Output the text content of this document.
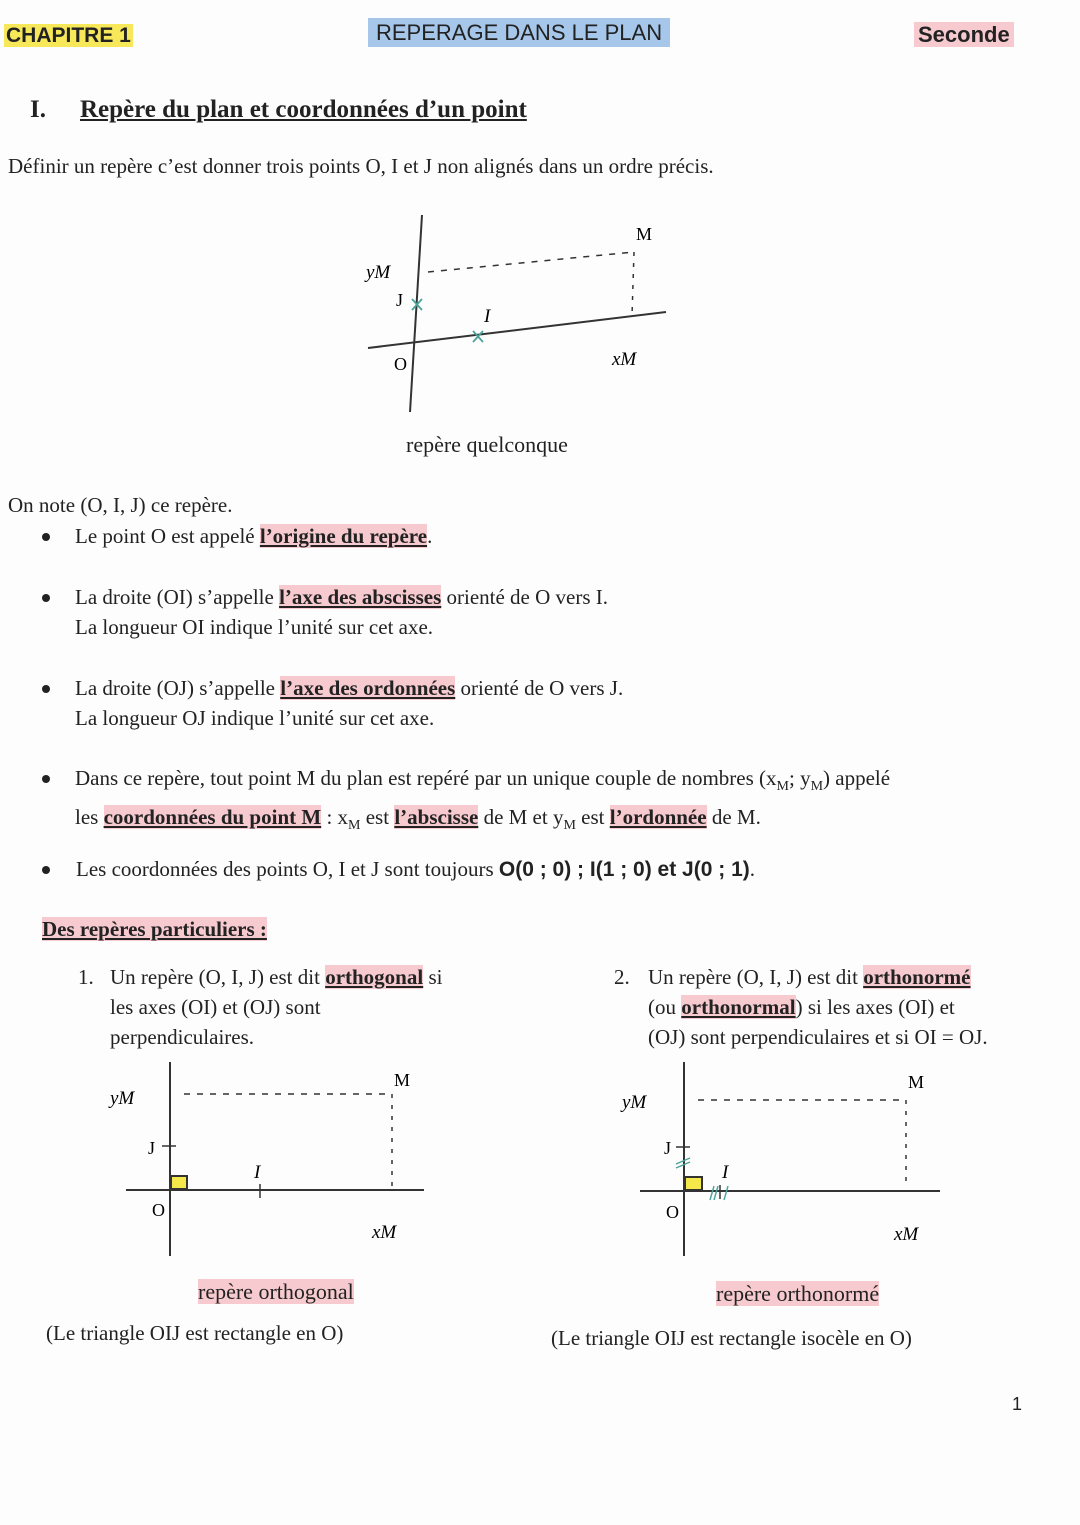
CHAPITRE 1	REPERAGE DANS LE PLAN	Seconde
I. Repère du plan et coordonnées d’un point
Définir un repère c’est donner trois points O, I et J non alignés dans un ordre précis.
M
yM
J
I
O	xM
repère quelconque
On note (O, I, J) ce repère.
Le point O est appelé l’origine du repère.
La droite (OI) s’appelle l’axe des abscisses orienté de O vers I.
La longueur OI indique l’unité sur cet axe.
La droite (OJ) s’appelle l’axe des ordonnées orienté de O vers J.
La longueur OJ indique l’unité sur cet axe.
Dans ce repère, tout point M du plan est repéré par un unique couple de nombres ($x_M$; $y_M$) appelé
les coordonnées du point M : $x_M$ est l’abscisse de M et $y_M$ est l’ordonnée de M.
Les coordonnées des points O, I et J sont toujours O(0 ; 0) ; I(1 ; 0) et J(0 ; 1).
Des repères particuliers :
1. Un repère (O, I, J) est dit orthogonal si
les axes (OI) et (OJ) sont
perpendiculaires.
2. Un repère (O, I, J) est dit orthonormé
(ou orthonormal) si les axes (OI) et
(OJ) sont perpendiculaires et si OI = OJ.
M
yM
J
I
O
xM
repère orthogonal
(Le triangle OIJ est rectangle en O)
M
yM
J
I
O
xM
repère orthonormé
(Le triangle OIJ est rectangle isocèle en O)
1
